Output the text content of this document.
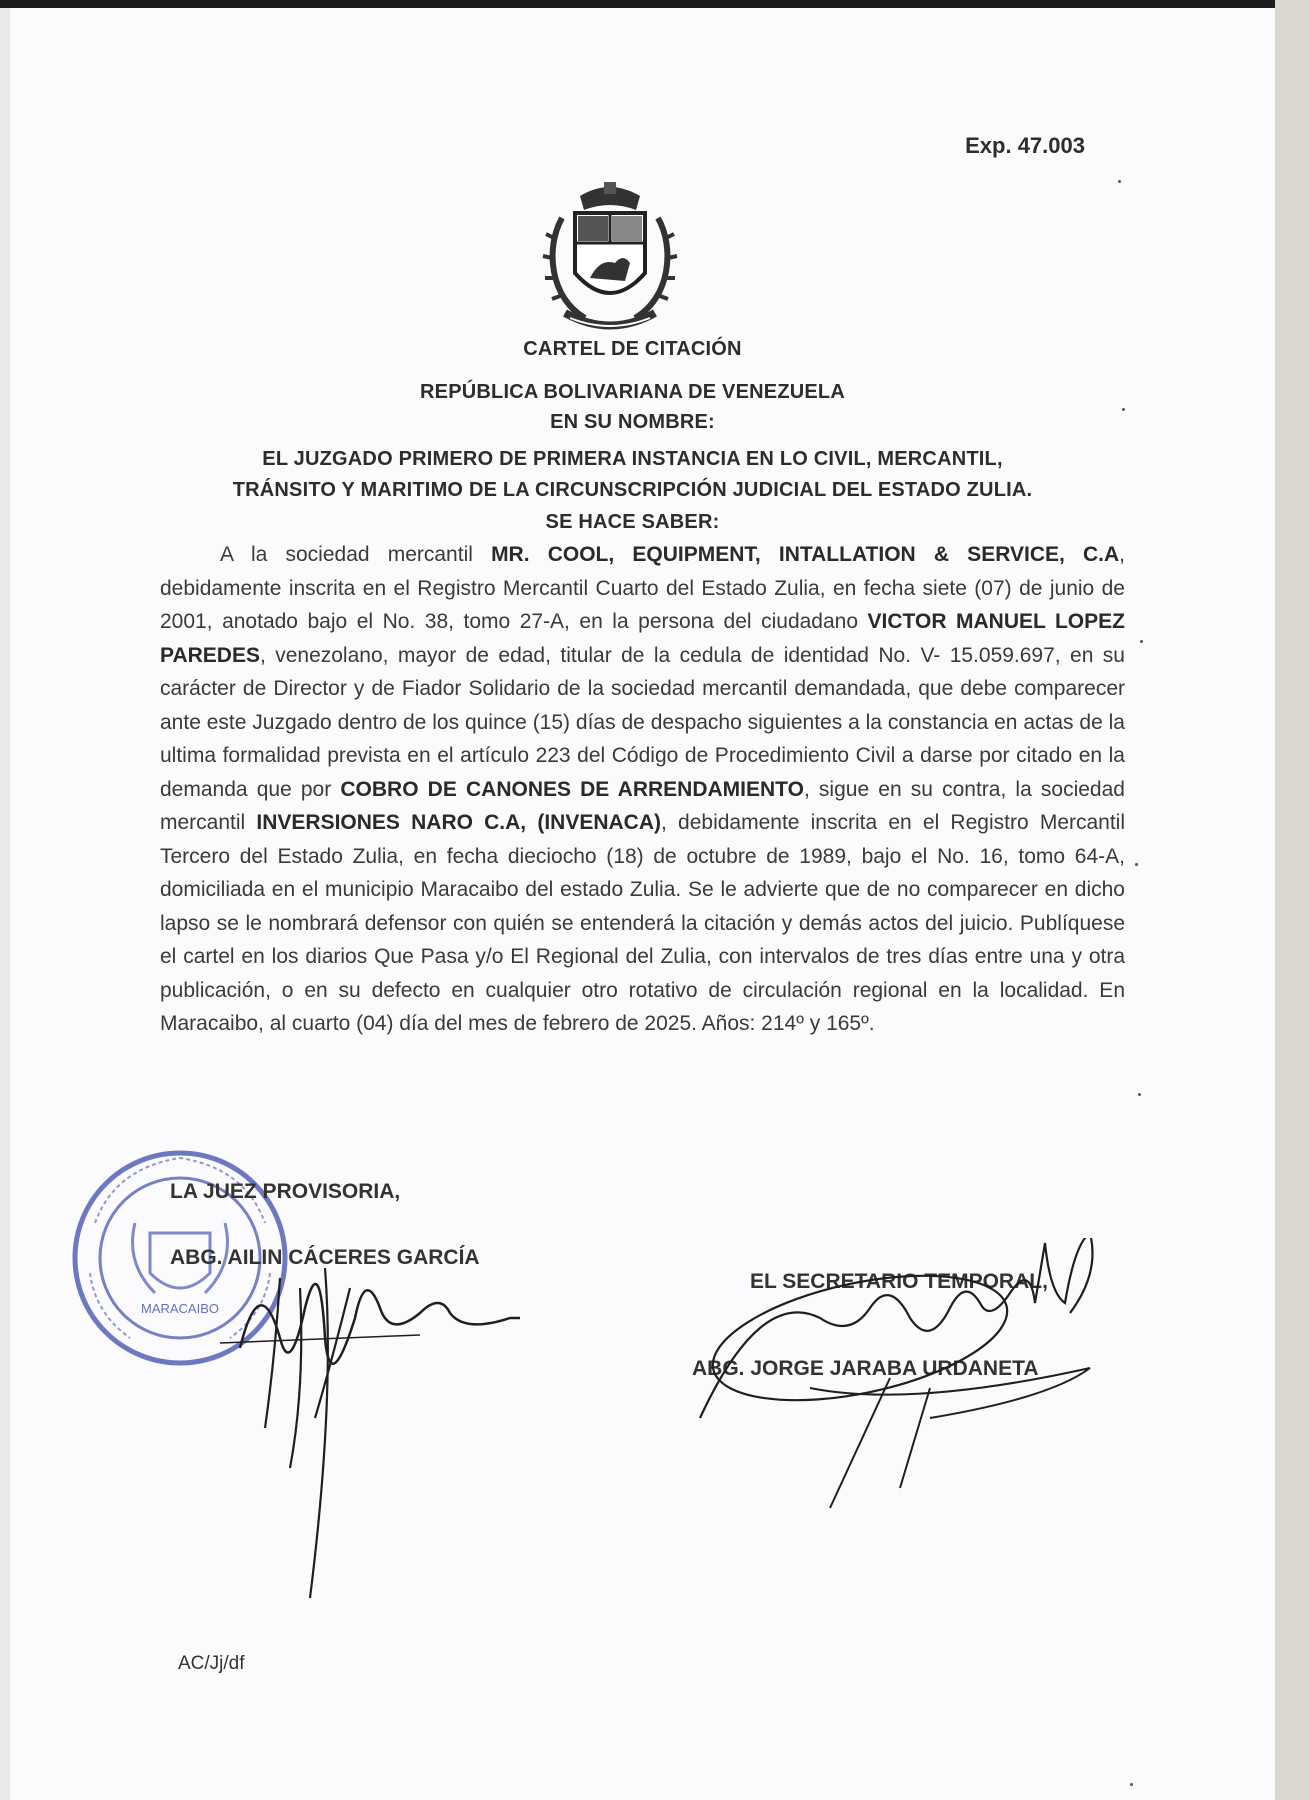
Exp. 47.003

CARTEL DE CITACIÓN

REPÚBLICA BOLIVARIANA DE VENEZUELA

EN SU NOMBRE:

EL JUZGADO PRIMERO DE PRIMERA INSTANCIA EN LO CIVIL, MERCANTIL,

TRÁNSITO Y MARITIMO DE LA CIRCUNSCRIPCIÓN JUDICIAL DEL ESTADO ZULIA.

SE HACE SABER:

A la sociedad mercantil MR. COOL, EQUIPMENT, INTALLATION & SERVICE, C.A, debidamente inscrita en el Registro Mercantil Cuarto del Estado Zulia, en fecha siete (07) de junio de 2001, anotado bajo el No. 38, tomo 27-A, en la persona del ciudadano VICTOR MANUEL LOPEZ PAREDES, venezolano, mayor de edad, titular de la cedula de identidad No. V- 15.059.697, en su carácter de Director y de Fiador Solidario de la sociedad mercantil demandada, que debe comparecer ante este Juzgado dentro de los quince (15) días de despacho siguientes a la constancia en actas de la ultima formalidad prevista en el artículo 223 del Código de Procedimiento Civil a darse por citado en la demanda que por COBRO DE CANONES DE ARRENDAMIENTO, sigue en su contra, la sociedad mercantil INVERSIONES NARO C.A, (INVENACA), debidamente inscrita en el Registro Mercantil Tercero del Estado Zulia, en fecha dieciocho (18) de octubre de 1989, bajo el No. 16, tomo 64-A, domiciliada en el municipio Maracaibo del estado Zulia. Se le advierte que de no comparecer en dicho lapso se le nombrará defensor con quién se entenderá la citación y demás actos del juicio. Publíquese el cartel en los diarios Que Pasa y/o El Regional del Zulia, con intervalos de tres días entre una y otra publicación, o en su defecto en cualquier otro rotativo de circulación regional en la localidad. En Maracaibo, al cuarto (04) día del mes de febrero de 2025. Años: 214º y 165º.

MARACAIBO

LA JUEZ PROVISORIA,

ABG. AILIN CÁCERES GARCÍA

EL SECRETARIO TEMPORAL,

ABG. JORGE JARABA URDANETA

AC/Jj/df
